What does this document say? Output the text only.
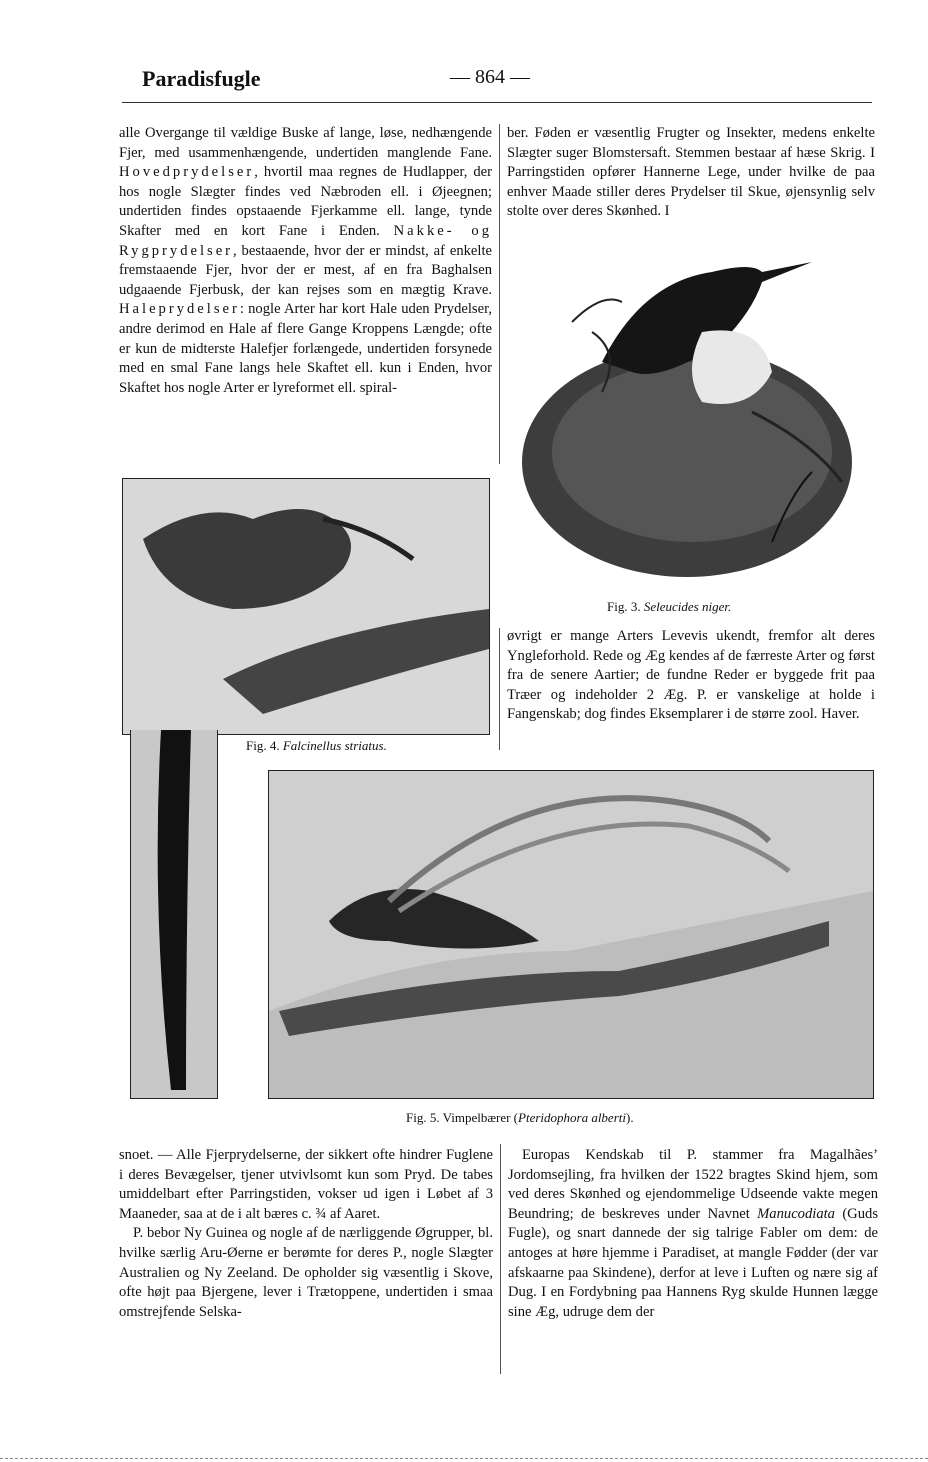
Paradisfugle	— 864 —

alle Overgange til vældige Buske af lange, løse, nedhængende Fjer, med usammenhængende, undertiden manglende Fane. Hovedprydelser, hvortil maa regnes de Hudlapper, der hos nogle Slægter findes ved Næbroden ell. i Øjeegnen; undertiden findes opstaaende Fjerkamme ell. lange, tynde Skafter med en kort Fane i Enden. Nakke- og Rygprydelser, bestaaende, hvor der er mindst, af enkelte fremstaaende Fjer, hvor der er mest, af en fra Baghalsen udgaaende Fjerbusk, der kan rejses som en mægtig Krave. Haleprydelser: nogle Arter har kort Hale uden Prydelser, andre derimod en Hale af flere Gange Kroppens Længde; ofte er kun de midterste Halefjer forlængede, undertiden forsynede med en smal Fane langs hele Skaftet ell. kun i Enden, hvor Skaftet hos nogle Arter er lyreformet ell. spiral-

ber. Føden er væsentlig Frugter og Insekter, medens enkelte Slægter suger Blomstersaft. Stemmen bestaar af hæse Skrig. I Parringstiden opfører Hannerne Lege, under hvilke de paa enhver Maade stiller deres Prydelser til Skue, øjensynlig selv stolte over deres Skønhed. I

Fig. 3. Seleucides niger.
Fig. 4. Falcinellus striatus.

øvrigt er mange Arters Levevis ukendt, fremfor alt deres Yngleforhold. Rede og Æg kendes af de færreste Arter og først fra de senere Aartier; de fundne Reder er byggede frit paa Træer og indeholder 2 Æg. P. er vanskelige at holde i Fangenskab; dog findes Eksemplarer i de større zool. Haver.

Fig. 5. Vimpelbærer (Pteridophora alberti).

snoet. — Alle Fjerprydelserne, der sikkert ofte hindrer Fuglene i deres Bevægelser, tjener utvivlsomt kun som Pryd. De tabes umiddelbart efter Parringstiden, vokser ud igen i Løbet af 3 Maaneder, saa at de i alt bæres c. ¾ af Aaret.

P. bebor Ny Guinea og nogle af de nærliggende Øgrupper, bl. hvilke særlig Aru-Øerne er berømte for deres P., nogle Slægter Australien og Ny Zeeland. De opholder sig væsentlig i Skove, ofte højt paa Bjergene, lever i Trætoppene, undertiden i smaa omstrejfende Selska-

Europas Kendskab til P. stammer fra Magalhães’ Jordomsejling, fra hvilken der 1522 bragtes Skind hjem, som ved deres Skønhed og ejendommelige Udseende vakte megen Beundring; de beskreves under Navnet Manucodiata (Guds Fugle), og snart dannede der sig talrige Fabler om dem: de antoges at høre hjemme i Paradiset, at mangle Fødder (der var afskaarne paa Skindene), derfor at leve i Luften og nære sig af Dug. I en Fordybning paa Hannens Ryg skulde Hunnen lægge sine Æg, udruge dem der
